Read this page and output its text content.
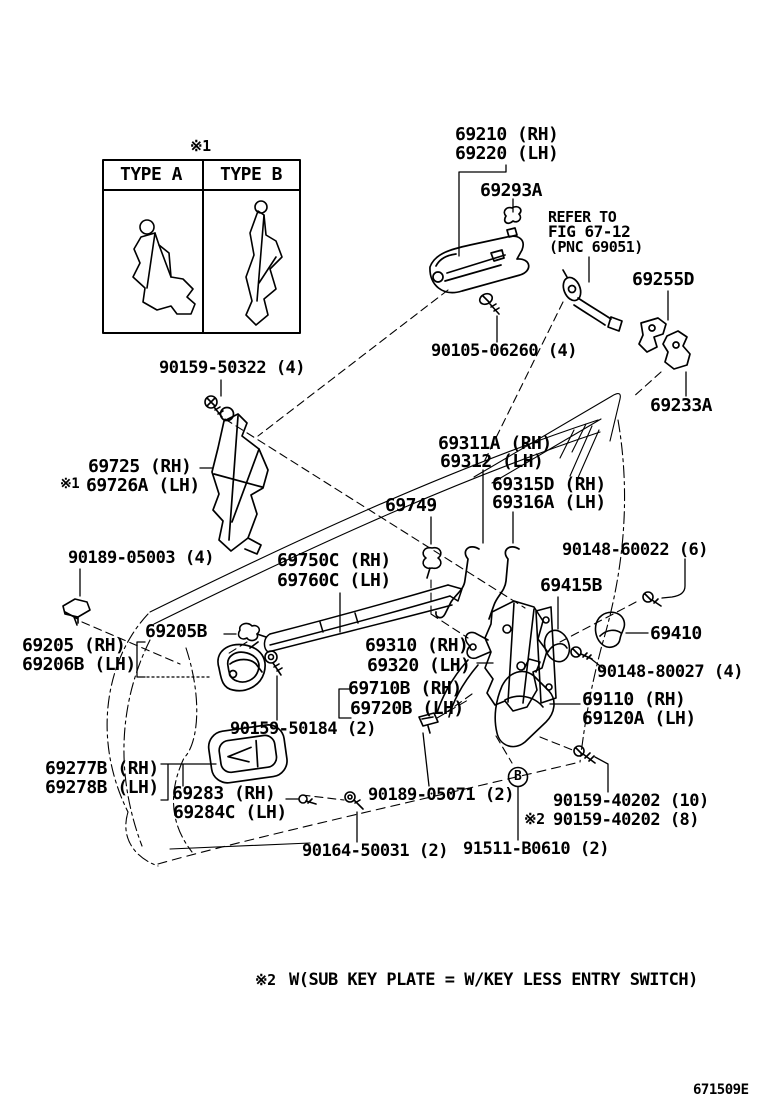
※1
TYPE A TYPE B
※2 W(SUB KEY PLATE = W/KEY LESS ENTRY SWITCH)
671509E
69210 (RH)
69220 (LH)
69293A
REFER TO
FIG 67-12
(PNC 69051)
69255D
90105-06260 (4)
69233A
90159-50322 (4)
69311A (RH)
69312 (LH)
69315D (RH)
69316A (LH)
69725 (RH)
※1 69726A (LH)
69749
90148-60022 (6)
90189-05003 (4)	69750C (RH)
69760C (LH)	69415B
69205B
69205 (RH)
69206B (LH)
69310 (RH)
69320 (LH)
69410
90148-80027 (4)
69710B (RH)
69720B (LH)	69110 (RH)
69120A (LH)
90159-50184 (2)
69277B (RH)
69278B (LH) 69283 (RH)
69284C (LH)
90189-05071 (2) 90159-40202 (10)
※2 90159-40202 (8)
90164-50031 (2) 91511-B0610 (2)
B
